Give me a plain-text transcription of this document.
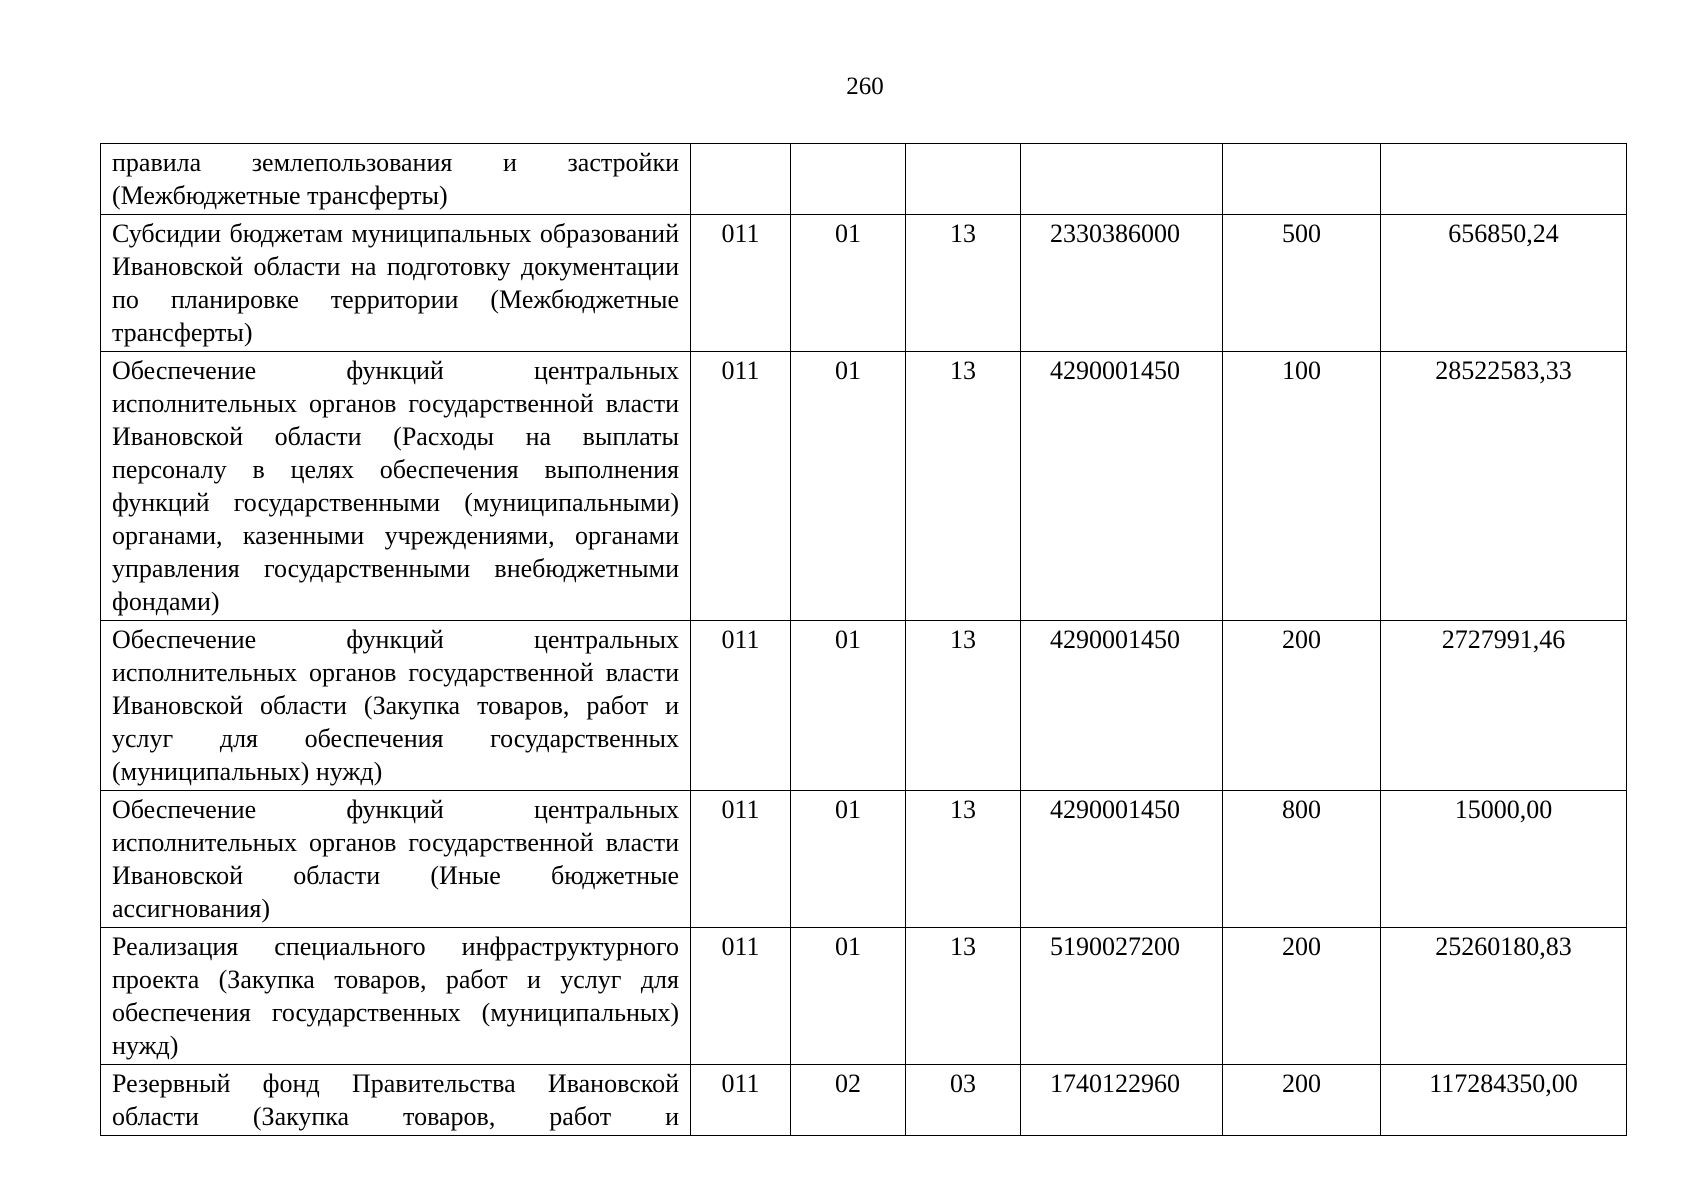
260
правила землепользования и застройки (Межбюджетные трансферты)						
Субсидии бюджетам муниципальных образований Ивановской области на подготовку документации по планировке территории (Межбюджетные трансферты)	011	01	13	2330386000	500	656850,24
Обеспечение функций центральных исполнительных органов государственной власти Ивановской области (Расходы на выплаты персоналу в целях обеспечения выполнения функций государственными (муниципальными) органами, казенными учреждениями, органами управления государственными внебюджетными фондами)	011	01	13	4290001450	100	28522583,33
Обеспечение функций центральных исполнительных органов государственной власти Ивановской области (Закупка товаров, работ и услуг для обеспечения государственных (муниципальных) нужд)	011	01	13	4290001450	200	2727991,46
Обеспечение функций центральных исполнительных органов государственной власти Ивановской области (Иные бюджетные ассигнования)	011	01	13	4290001450	800	15000,00
Реализация специального инфраструктурного проекта (Закупка товаров, работ и услуг для обеспечения государственных (муниципальных) нужд)	011	01	13	5190027200	200	25260180,83
Резервный фонд Правительства Ивановской области (Закупка товаров, работ и	011	02	03	1740122960	200	117284350,00
